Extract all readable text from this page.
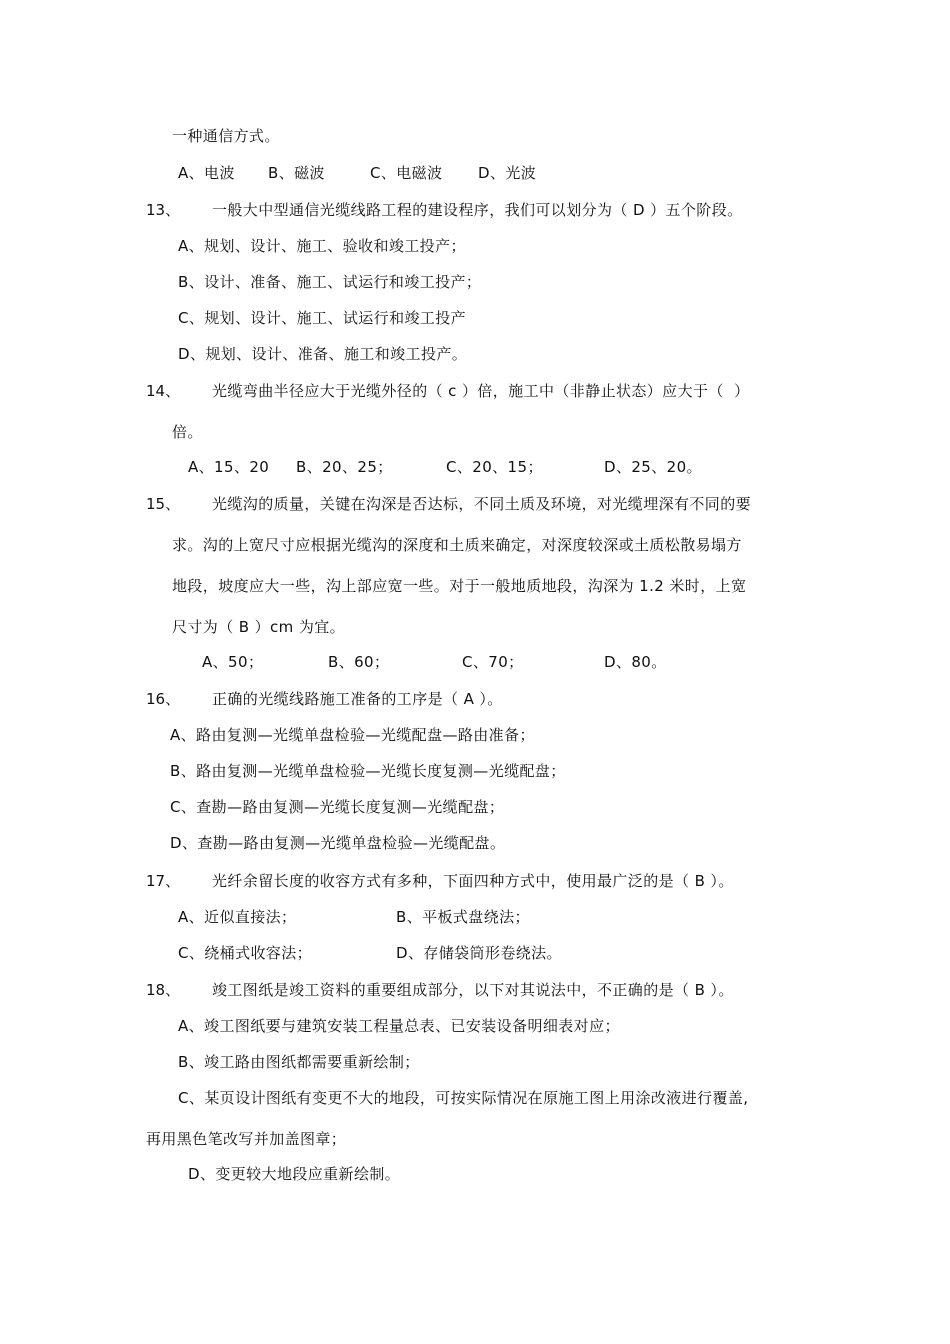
一种通信方式。
A、电波 B、磁波	C、电磁波 D、光波
13、 一般大中型通信光缆线路工程的建设程序，我们可以划分为（ D ）五个阶段。
A、规划、设计、施工、验收和竣工投产；
B、设计、准备、施工、试运行和竣工投产；
C、规划、设计、施工、试运行和竣工投产
D、规划、设计、准备、施工和竣工投产。
14、 光缆弯曲半径应大于光缆外径的（ c ）倍，施工中（非静止状态）应大于（  ）
倍。
A、15、20 B、20、25；	C、20、15；	D、25、20。
15、 光缆沟的质量，关键在沟深是否达标，不同土质及环境，对光缆埋深有不同的要
求。沟的上宽尺寸应根据光缆沟的深度和土质来确定，对深度较深或土质松散易塌方
地段，坡度应大一些，沟上部应宽一些。对于一般地质地段，沟深为 1.2 米时，上宽
尺寸为（ B ）cm 为宜。
A、50；	B、60；	C、70；	D、80。
16、 正确的光缆线路施工准备的工序是（ A ）。
A、路由复测—光缆单盘检验—光缆配盘—路由准备；
B、路由复测—光缆单盘检验—光缆长度复测—光缆配盘；
C、查勘—路由复测—光缆长度复测—光缆配盘；
D、查勘—路由复测—光缆单盘检验—光缆配盘。
17、 光纤余留长度的收容方式有多种，下面四种方式中，使用最广泛的是（ B ）。
A、近似直接法；	B、平板式盘绕法；
C、绕桶式收容法；	D、存储袋筒形卷绕法。
18、 竣工图纸是竣工资料的重要组成部分，以下对其说法中，不正确的是（ B ）。
A、竣工图纸要与建筑安装工程量总表、已安装设备明细表对应；
B、竣工路由图纸都需要重新绘制；
C、某页设计图纸有变更不大的地段，可按实际情况在原施工图上用涂改液进行覆盖,
再用黑色笔改写并加盖图章；
D、变更较大地段应重新绘制。
